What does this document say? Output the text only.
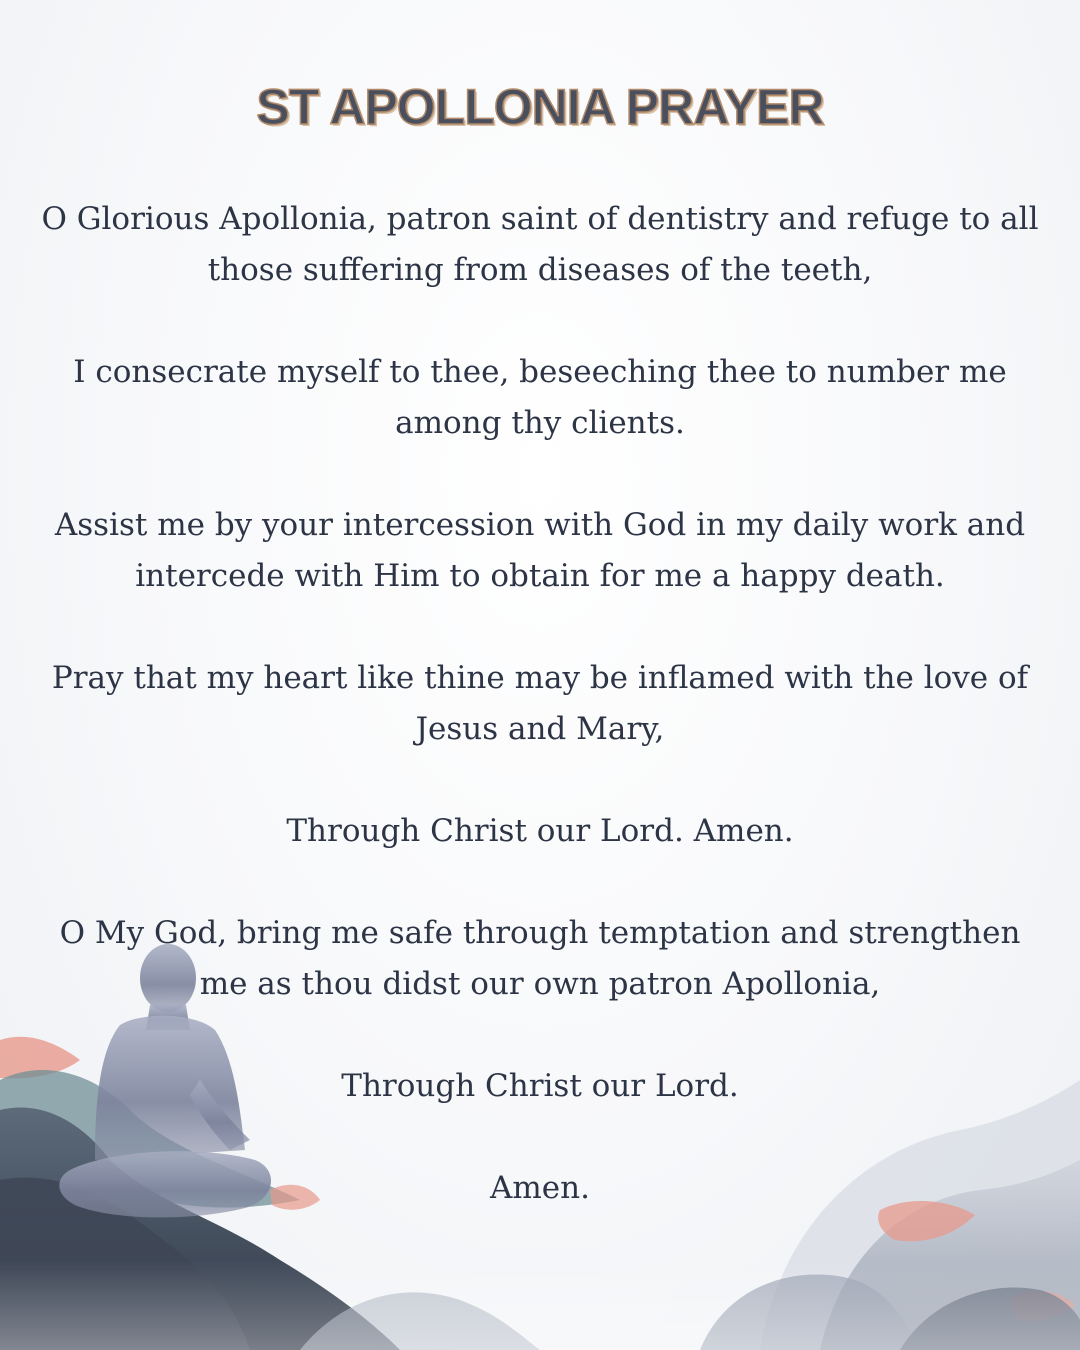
ST APOLLONIA PRAYER

O Glorious Apollonia, patron saint of dentistry and refuge to all those suffering from diseases of the teeth,

I consecrate myself to thee, beseeching thee to number me among thy clients.

Assist me by your intercession with God in my daily work and intercede with Him to obtain for me a happy death.

Pray that my heart like thine may be inflamed with the love of Jesus and Mary,

Through Christ our Lord. Amen.

O My God, bring me safe through temptation and strengthen me as thou didst our own patron Apollonia,

Through Christ our Lord.

Amen.
